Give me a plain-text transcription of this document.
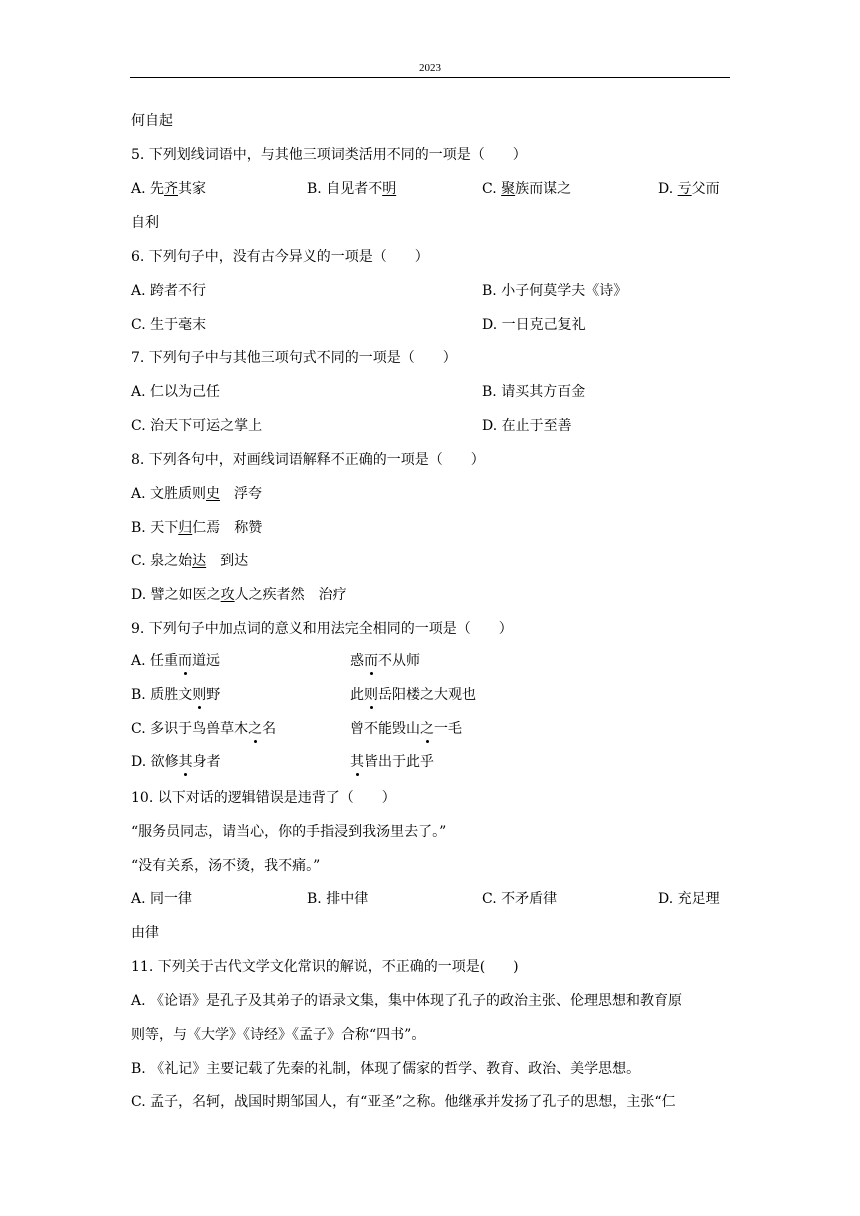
2023
何自起
5. 下列划线词语中，与其他三项词类活用不同的一项是（　　）
A. 先齐其家	B. 自见者不明	C. 聚族而谋之	D. 亏父而
自利
6. 下列句子中，没有古今异义的一项是（　　）
A. 跨者不行	B. 小子何莫学夫《诗》
C. 生于毫末	D. 一日克己复礼
7. 下列句子中与其他三项句式不同的一项是（　　）
A. 仁以为己任	B. 请买其方百金
C. 治天下可运之掌上	D. 在止于至善
8. 下列各句中，对画线词语解释不正确的一项是（　　）
A. 文胜质则史　浮夸
B. 天下归仁焉　称赞
C. 泉之始达　到达
D. 譬之如医之攻人之疾者然　治疗
9. 下列句子中加点词的意义和用法完全相同的一项是（　　）
A. 任重而道远	惑而不从师
B. 质胜文则野	此则岳阳楼之大观也
C. 多识于鸟兽草木之名	曾不能毁山之一毛
D. 欲修其身者	其皆出于此乎
10. 以下对话的逻辑错误是违背了（　　）
“服务员同志，请当心，你的手指浸到我汤里去了。”
“没有关系，汤不烫，我不痛。”
A. 同一律	B. 排中律	C. 不矛盾律	D. 充足理
由律
11. 下列关于古代文学文化常识的解说，不正确的一项是(　　)
A. 《论语》是孔子及其弟子的语录文集，集中体现了孔子的政治主张、伦理思想和教育原
则等，与《大学》《诗经》《孟子》合称“四书”。
B. 《礼记》主要记载了先秦的礼制，体现了儒家的哲学、教育、政治、美学思想。
C. 孟子，名轲，战国时期邹国人，有“亚圣”之称。他继承并发扬了孔子的思想，主张“仁
